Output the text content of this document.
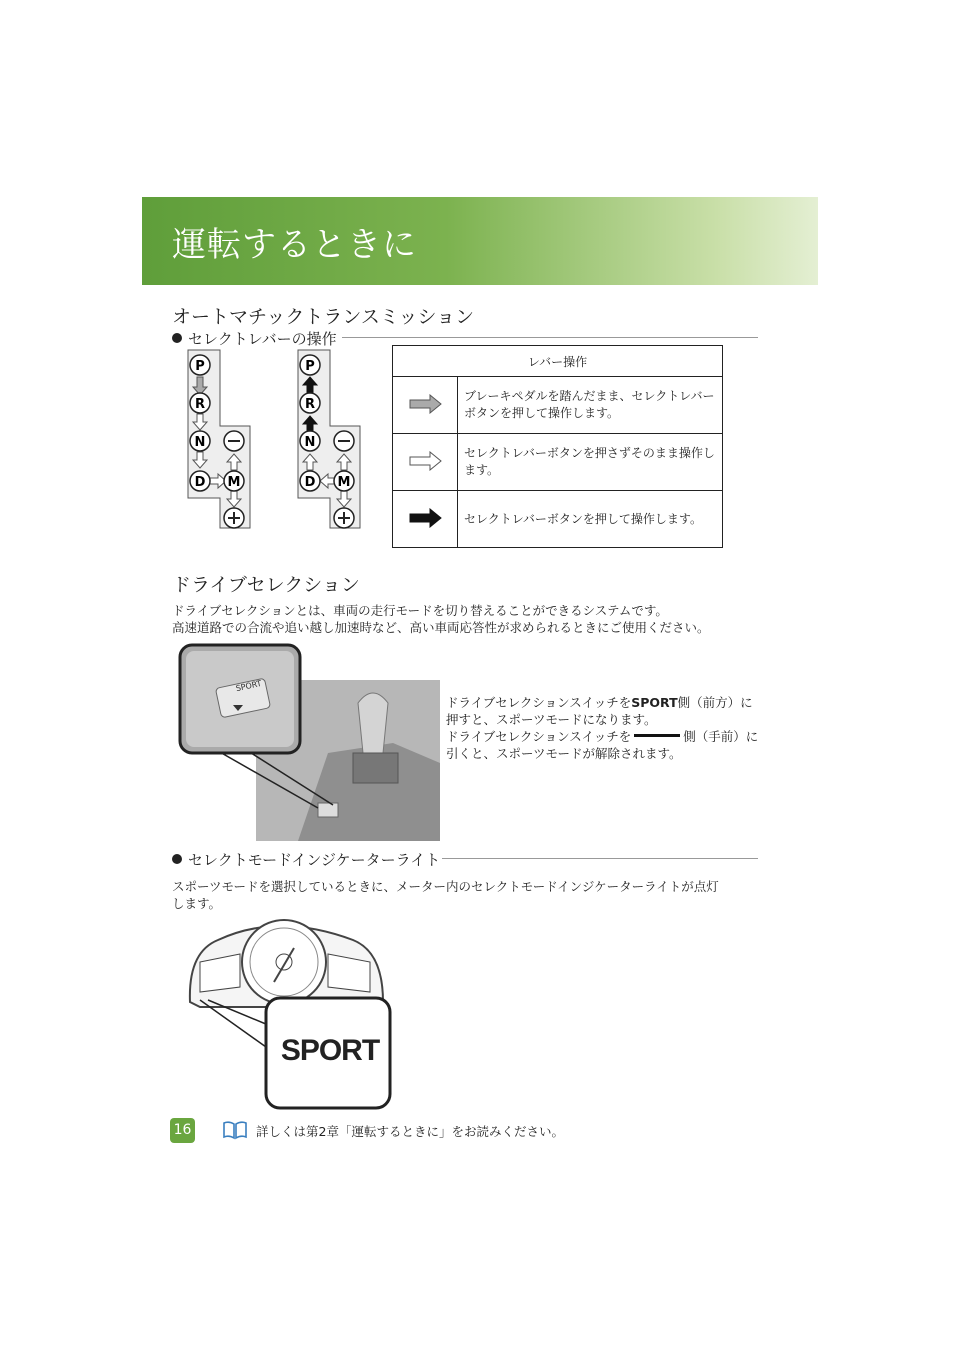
運転するときに
オートマチックトランスミッション
セレクトレバーの操作
P
R
N
D M
P
R
N
D M
レバー操作	
	ブレーキペダルを踏んだまま、セレクトレバーボタンを押して操作します。
	セレクトレバーボタンを押さずそのまま操作します。
	セレクトレバーボタンを押して操作します。
ドライブセレクション
ドライブセレクションとは、車両の走行モードを切り替えることができるシステムです。
高速道路での合流や追い越し加速時など、高い車両応答性が求められるときにご使用ください。
SPORT
ドライブセレクションスイッチをSPORT側（前方）に
押すと、スポーツモードになります。
ドライブセレクションスイッチを	側（手前）に
引くと、スポーツモードが解除されます。
セレクトモードインジケーターライト
スポーツモードを選択しているときに、メーター内のセレクトモードインジケーターライトが点灯
します。
SPORT
16	詳しくは第2章「運転するときに」をお読みください。
